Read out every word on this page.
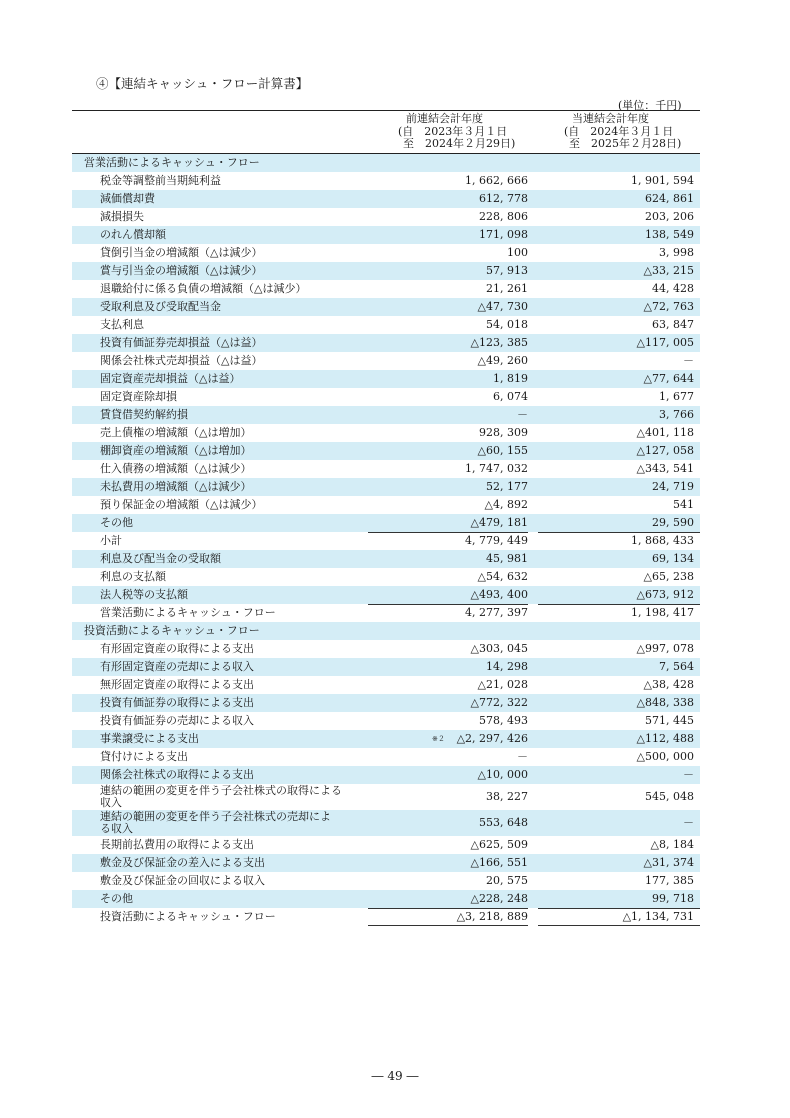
④【連結キャッシュ・フロー計算書】
(単位：千円)
前連結会計年度
(自　2023年３月１日
至　2024年２月29日)
当連結会計年度
(自　2024年３月１日
至　2025年２月28日)
営業活動によるキャッシュ・フロー
税金等調整前当期純利益	1, 662, 666	1, 901, 594
減価償却費	612, 778	624, 861
減損損失	228, 806	203, 206
のれん償却額	171, 098	138, 549
貸倒引当金の増減額（△は減少）	100	3, 998
賞与引当金の増減額（△は減少）	57, 913	△33, 215
退職給付に係る負債の増減額（△は減少）	21, 261	44, 428
受取利息及び受取配当金	△47, 730	△72, 763
支払利息	54, 018	63, 847
投資有価証券売却損益（△は益）	△123, 385	△117, 005
関係会社株式売却損益（△は益）	△49, 260	－
固定資産売却損益（△は益）	1, 819	△77, 644
固定資産除却損	6, 074	1, 677
賃貸借契約解約損	－	3, 766
売上債権の増減額（△は増加）	928, 309	△401, 118
棚卸資産の増減額（△は増加）	△60, 155	△127, 058
仕入債務の増減額（△は減少）	1, 747, 032	△343, 541
未払費用の増減額（△は減少）	52, 177	24, 719
預り保証金の増減額（△は減少）	△4, 892	541
その他	△479, 181	29, 590
小計	4, 779, 449	1, 868, 433
利息及び配当金の受取額	45, 981	69, 134
利息の支払額	△54, 632	△65, 238
法人税等の支払額	△493, 400	△673, 912
営業活動によるキャッシュ・フロー	4, 277, 397	1, 198, 417
投資活動によるキャッシュ・フロー
有形固定資産の取得による支出	△303, 045	△997, 078
有形固定資産の売却による収入	14, 298	7, 564
無形固定資産の取得による支出	△21, 028	△38, 428
投資有価証券の取得による支出	△772, 322	△848, 338
投資有価証券の売却による収入	578, 493	571, 445
事業譲受による支出	※２ △2, 297, 426	△112, 488
貸付けによる支出	－	△500, 000
関係会社株式の取得による支出	△10, 000	－
連結の範囲の変更を伴う子会社株式の取得による
収入	38, 227	545, 048
連結の範囲の変更を伴う子会社株式の売却によ
る収入	553, 648	－
長期前払費用の取得による支出	△625, 509	△8, 184
敷金及び保証金の差入による支出	△166, 551	△31, 374
敷金及び保証金の回収による収入	20, 575	177, 385
その他	△228, 248	99, 718
投資活動によるキャッシュ・フロー	△3, 218, 889	△1, 134, 731
― 49 ―
